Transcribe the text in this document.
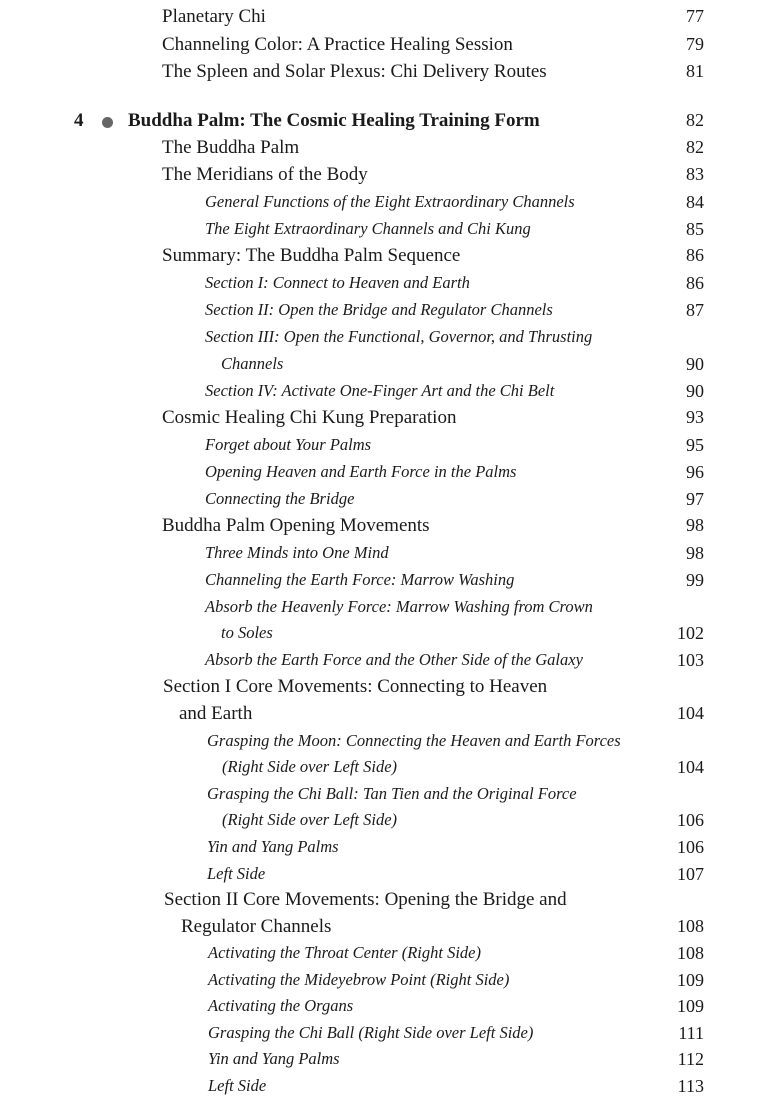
Planetary Chi	77
Channeling Color: A Practice Healing Session	79
The Spleen and Solar Plexus: Chi Delivery Routes	81
4 Buddha Palm: The Cosmic Healing Training Form	82
The Buddha Palm	82
The Meridians of the Body	83
General Functions of the Eight Extraordinary Channels	84
The Eight Extraordinary Channels and Chi Kung	85
Summary: The Buddha Palm Sequence	86
Section I: Connect to Heaven and Earth	86
Section II: Open the Bridge and Regulator Channels	87
Section III: Open the Functional, Governor, and Thrusting
Channels	90
Section IV: Activate One-Finger Art and the Chi Belt	90
Cosmic Healing Chi Kung Preparation	93
Forget about Your Palms	95
Opening Heaven and Earth Force in the Palms	96
Connecting the Bridge	97
Buddha Palm Opening Movements	98
Three Minds into One Mind	98
Channeling the Earth Force: Marrow Washing	99
Absorb the Heavenly Force: Marrow Washing from Crown
to Soles	102
Absorb the Earth Force and the Other Side of the Galaxy	103
Section I Core Movements: Connecting to Heaven
and Earth	104
Grasping the Moon: Connecting the Heaven and Earth Forces
(Right Side over Left Side)	104
Grasping the Chi Ball: Tan Tien and the Original Force
(Right Side over Left Side)	106
Yin and Yang Palms	106
Left Side	107
Section II Core Movements: Opening the Bridge and
Regulator Channels	108
Activating the Throat Center (Right Side)	108
Activating the Mideyebrow Point (Right Side)	109
Activating the Organs	109
Grasping the Chi Ball (Right Side over Left Side)	111
Yin and Yang Palms	112
Left Side	113
